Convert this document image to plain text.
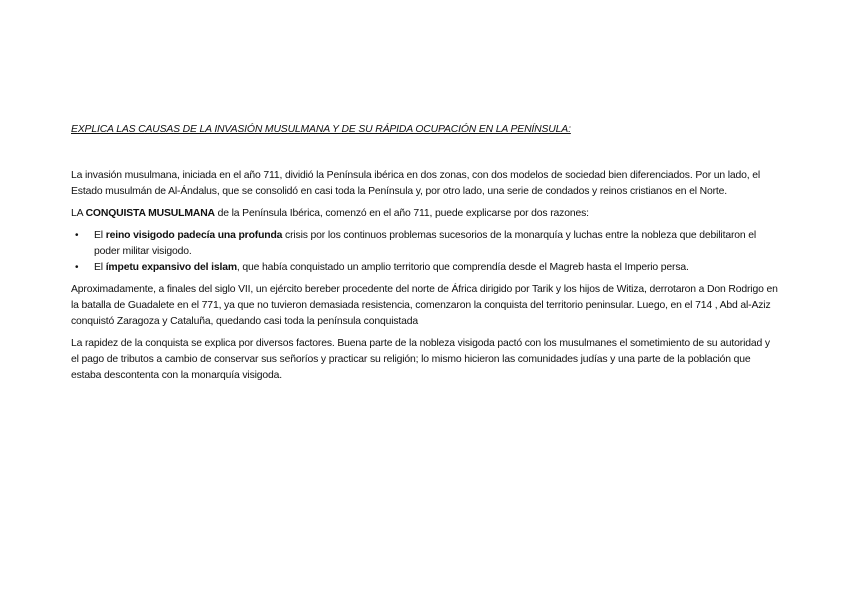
EXPLICA LAS CAUSAS DE LA INVASIÓN MUSULMANA Y DE SU RÁPIDA OCUPACIÓN EN LA PENÍNSULA:

La invasión musulmana, iniciada en el año 711, dividió la Península ibérica en dos zonas, con dos modelos de sociedad bien diferenciados. Por un lado, el Estado musulmán de Al-Ándalus, que se consolidó en casi toda la Península y, por otro lado, una serie de condados y reinos cristianos en el Norte.

LA CONQUISTA MUSULMANA de la Península Ibérica, comenzó en el año 711, puede explicarse por dos razones:

• El reino visigodo padecía una profunda crisis por los continuos problemas sucesorios de la monarquía y luchas entre la nobleza que debilitaron el poder militar visigodo.
• El ímpetu expansivo del islam, que había conquistado un amplio territorio que comprendía desde el Magreb hasta el Imperio persa.

Aproximadamente, a finales del siglo VII, un ejército bereber procedente del norte de África dirigido por Tarik y los hijos de Witiza, derrotaron a Don Rodrigo en la batalla de Guadalete en el 771, ya que no tuvieron demasiada resistencia, comenzaron la conquista del territorio peninsular. Luego, en el 714 , Abd al-Aziz conquistó Zaragoza y Cataluña, quedando casi toda la península conquistada

La rapidez de la conquista se explica por diversos factores. Buena parte de la nobleza visigoda pactó con los musulmanes el sometimiento de su autoridad y el pago de tributos a cambio de conservar sus señoríos y practicar su religión; lo mismo hicieron las comunidades judías y una parte de la población que estaba descontenta con la monarquía visigoda.
